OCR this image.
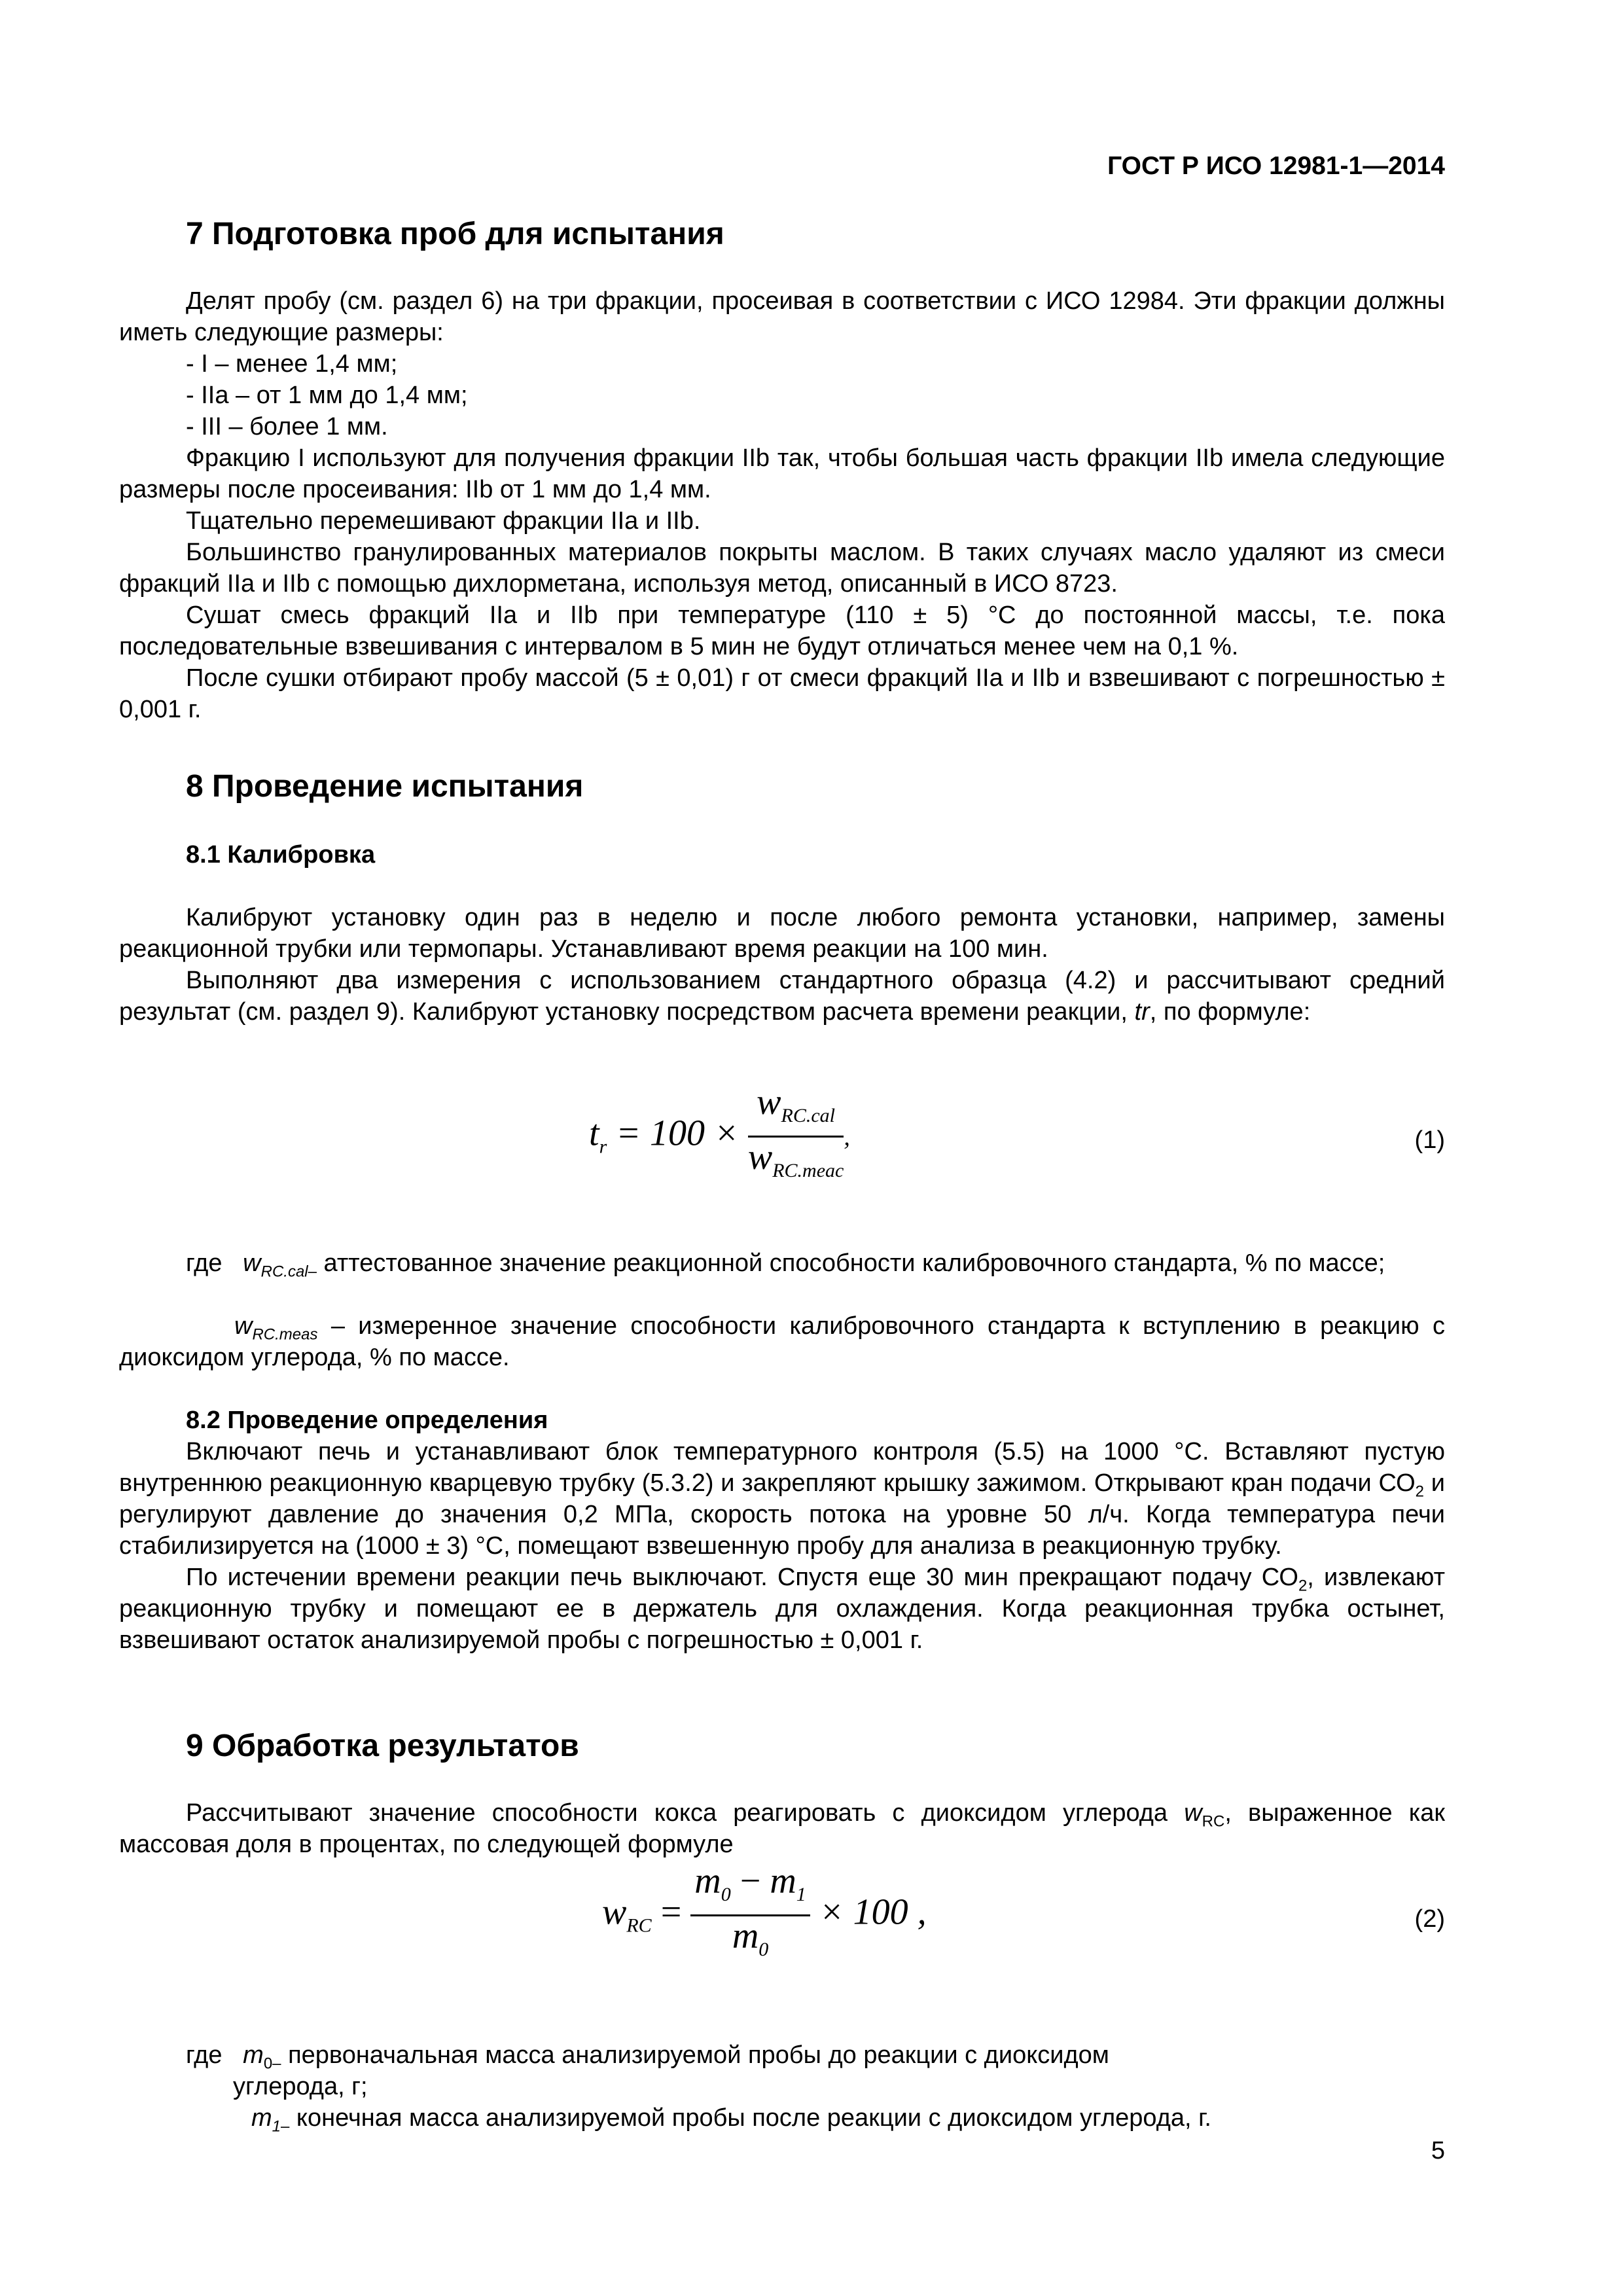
ГОСТ Р ИСО 12981-1—2014
7 Подготовка проб для испытания

Делят пробу (см. раздел 6) на три фракции, просеивая в соответствии с ИСО 12984. Эти фракции должны иметь следующие размеры:

- I – менее 1,4 мм;

- IIa – от 1 мм до 1,4 мм;

- III – более 1 мм.

Фракцию I используют для получения фракции IIb так, чтобы большая часть фракции IIb имела следующие размеры после просеивания: IIb от 1 мм до 1,4 мм.

Тщательно перемешивают фракции IIa и IIb.

Большинство гранулированных материалов покрыты маслом. В таких случаях масло удаляют из смеси фракций IIa и IIb с помощью дихлорметана, используя метод, описанный в ИСО 8723.

Сушат смесь фракций IIa и IIb при температуре (110 ± 5) °С до постоянной массы, т.е. пока последовательные взвешивания с интервалом в 5 мин не будут отличаться менее чем на 0,1 %.

После сушки отбирают пробу массой (5 ± 0,01) г от смеси фракций IIa и IIb и взвешивают с погрешностью ± 0,001 г.

8 Проведение испытания
8.1 Калибровка

Калибруют установку один раз в неделю и после любого ремонта установки, например, замены реакционной трубки или термопары. Устанавливают время реакции на 100 мин.

Выполняют два измерения с использованием стандартного образца (4.2) и рассчитывают средний результат (см. раздел 9). Калибруют установку посредством расчета времени реакции, tr, по формуле:

$t_r = 100 \times \frac{w_{RC.cal}}{w_{RC.meac}}$ ,	(1)

где $w_{RC.cal-}$ аттестованное значение реакционной способности калибровочного стандарта, % по массе;

$w_{RC.meas}$ – измеренное значение способности калибровочного стандарта к вступлению в реакцию с диоксидом углерода, % по массе.

8.2 Проведение определения

Включают печь и устанавливают блок температурного контроля (5.5) на 1000 °С. Вставляют пустую внутреннюю реакционную кварцевую трубку (5.3.2) и закрепляют крышку зажимом. Открывают кран подачи $СО_2$ и регулируют давление до значения 0,2 МПа, скорость потока на уровне 50 л/ч. Когда температура печи стабилизируется на (1000 ± 3) °С, помещают взвешенную пробу для анализа в реакционную трубку.

По истечении времени реакции печь выключают. Спустя еще 30 мин прекращают подачу $СО_2$, извлекают реакционную трубку и помещают ее в держатель для охлаждения. Когда реакционная трубка остынет, взвешивают остаток анализируемой пробы с погрешностью ± 0,001 г.

9 Обработка результатов

Рассчитывают значение способности кокса реагировать с диоксидом углерода $w_{RC}$, выраженное как массовая доля в процентах, по следующей формуле

$w_{RC} = \frac{m_0 - m_1}{m_0} \times 100$ ,	(2)

где $m_{0-}$ первоначальная масса анализируемой пробы до реакции с диоксидом

углерода, г;

$m_{1-}$ конечная масса анализируемой пробы после реакции с диоксидом углерода, г.

5
